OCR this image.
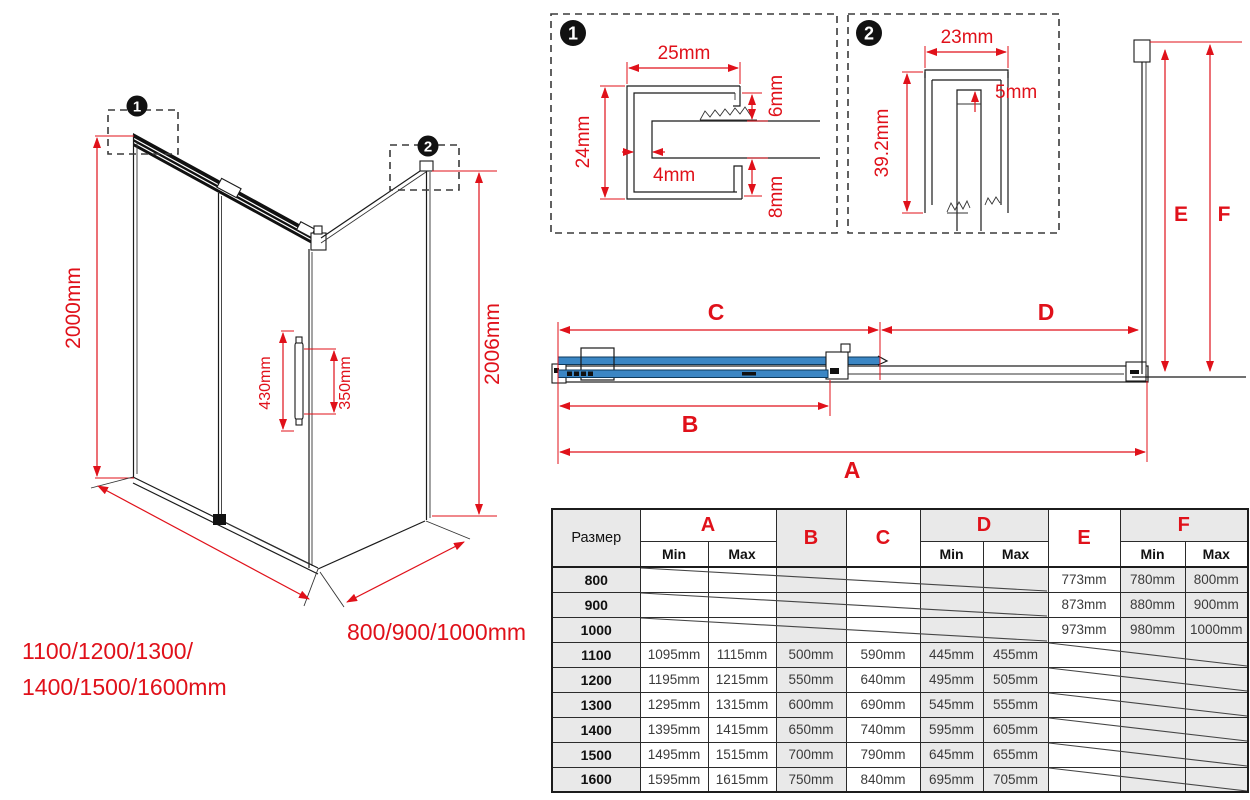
1
2
2000mm	2006mm
430mm	350mm
1100/1200/1300/
1400/1500/1600mm
800/900/1000mm
1
25mm
24mm
4mm
6mm
8mm
2	23mm
5mm
39.2mm
C	D
B
A
E F
Размер	A		B	C	D		E	F	
	Min	Max			Min	Max		Min	Max
800							773mm	780mm	800mm
900							873mm	880mm	900mm
1000							973mm	980mm	1000mm
1100	1095mm	1115mm	500mm	590mm	445mm	455mm			
1200	1195mm	1215mm	550mm	640mm	495mm	505mm			
1300	1295mm	1315mm	600mm	690mm	545mm	555mm			
1400	1395mm	1415mm	650mm	740mm	595mm	605mm			
1500	1495mm	1515mm	700mm	790mm	645mm	655mm			
1600	1595mm	1615mm	750mm	840mm	695mm	705mm			
